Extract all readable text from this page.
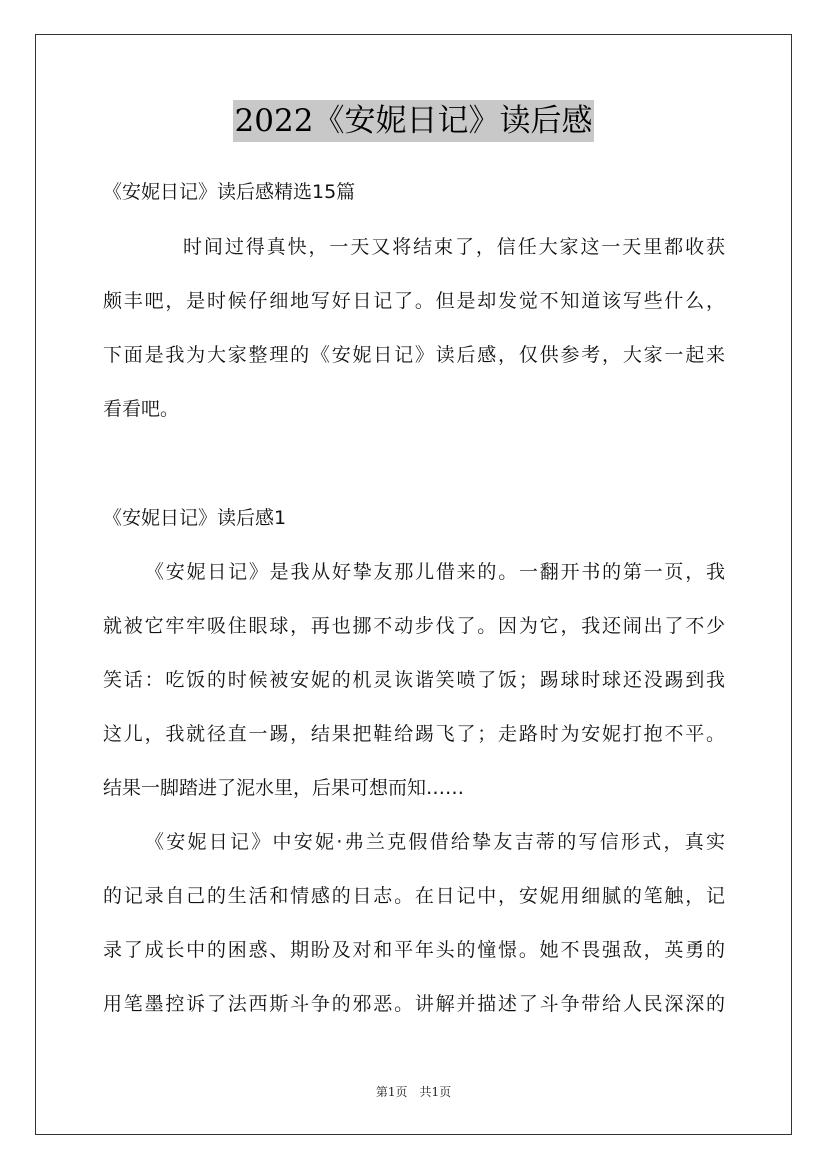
2022《安妮日记》读后感
《安妮日记》读后感精选15篇
时间过得真快，一天又将结束了，信任大家这一天里都收获
颇丰吧，是时候仔细地写好日记了。但是却发觉不知道该写些什么，
下面是我为大家整理的《安妮日记》读后感，仅供参考，大家一起来
看看吧。
《安妮日记》读后感1
《安妮日记》是我从好挚友那儿借来的。一翻开书的第一页，我
就被它牢牢吸住眼球，再也挪不动步伐了。因为它，我还闹出了不少
笑话：吃饭的时候被安妮的机灵诙谐笑喷了饭；踢球时球还没踢到我
这儿，我就径直一踢，结果把鞋给踢飞了；走路时为安妮打抱不平。
结果一脚踏进了泥水里，后果可想而知……
《安妮日记》中安妮·弗兰克假借给挚友吉蒂的写信形式，真实
的记录自己的生活和情感的日志。在日记中，安妮用细腻的笔触，记
录了成长中的困惑、期盼及对和平年头的憧憬。她不畏强敌，英勇的
用笔墨控诉了法西斯斗争的邪恶。讲解并描述了斗争带给人民深深的
第1页　共1页
